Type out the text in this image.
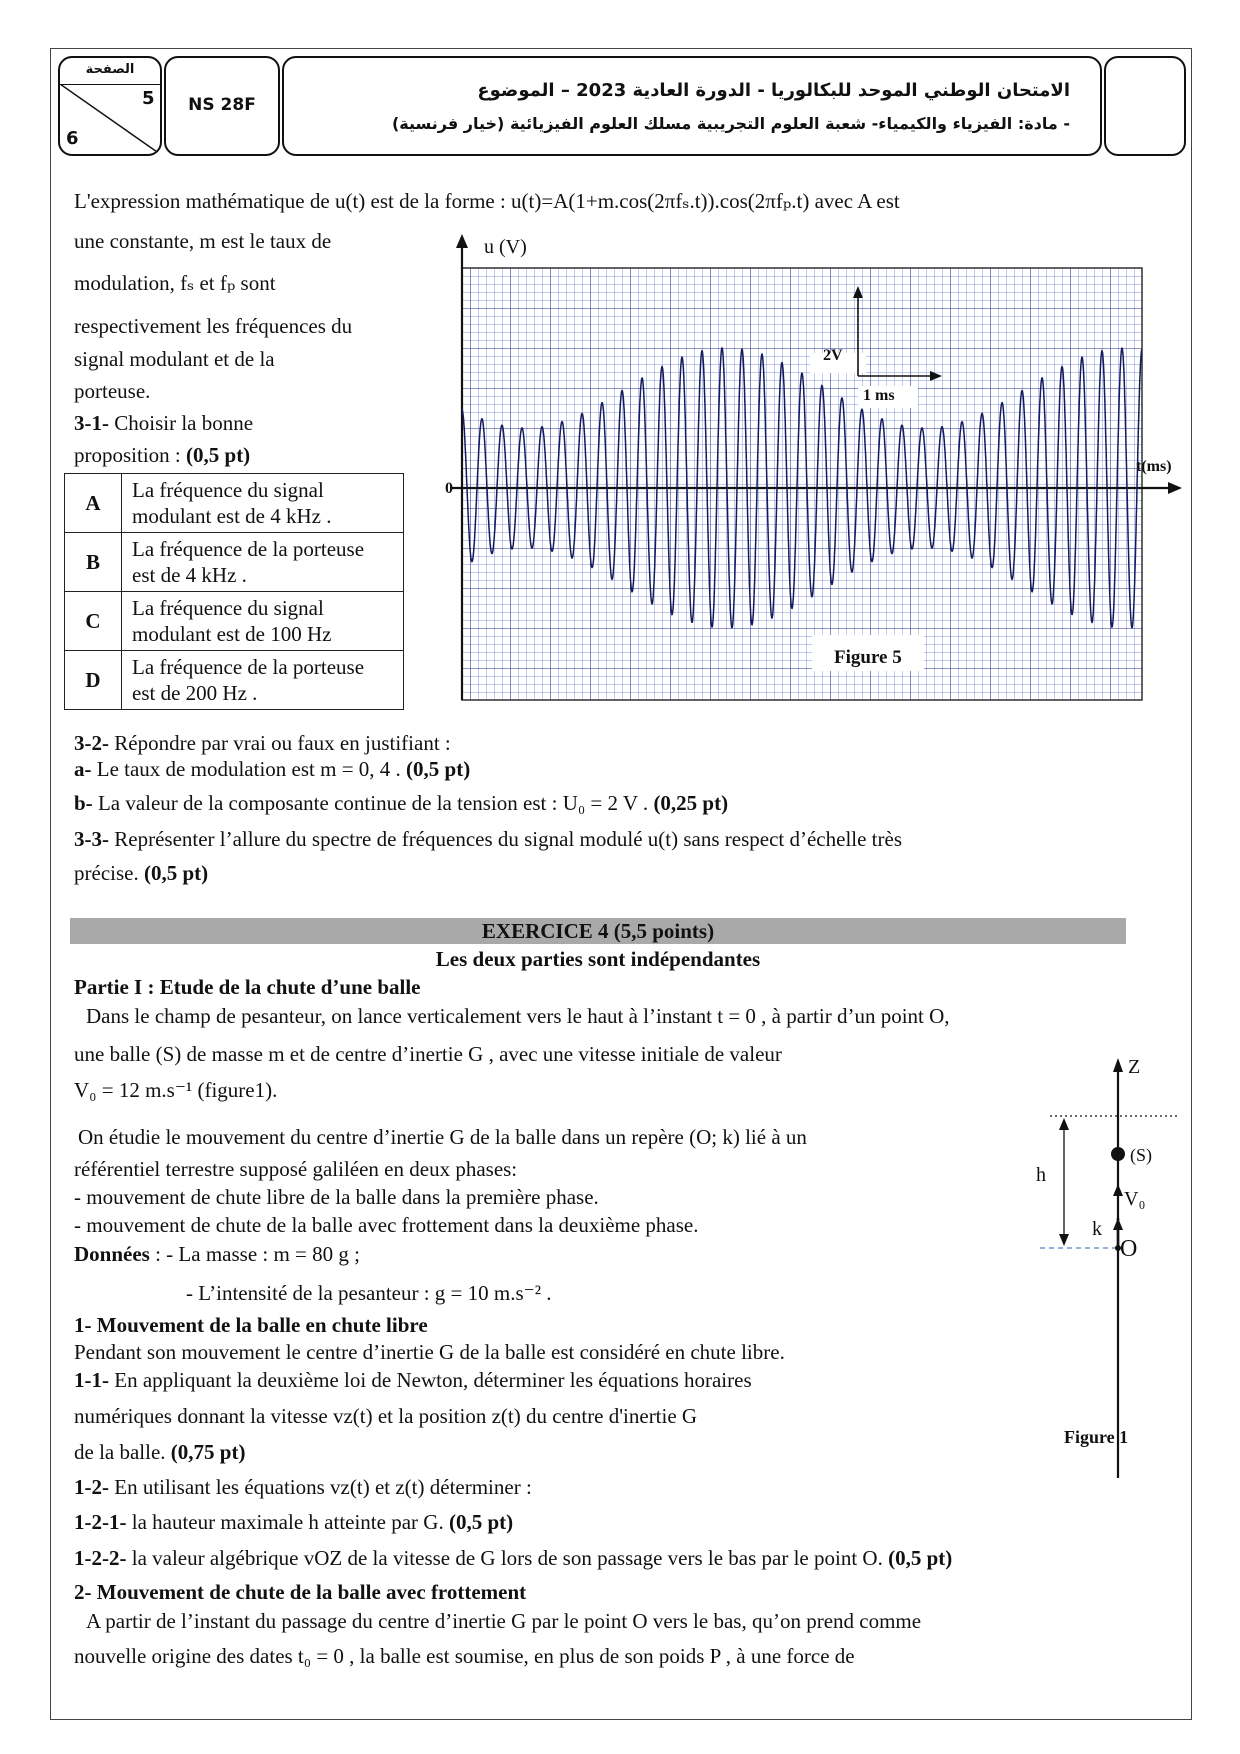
الصفحة
5
6
NS 28F
الامتحان الوطني الموحد للبكالوريا - الدورة العادية 2023 – الموضوع
- مادة: الفيزياء والكيمياء- شعبة العلوم التجريبية مسلك العلوم الفيزيائية (خيار فرنسية)
L'expression mathématique de u(t) est de la forme : u(t)=A(1+m.cos(2πfₛ.t)).cos(2πfₚ.t) avec A est
une constante, m est le taux de
modulation, fₛ et fₚ sont
respectivement les fréquences du
signal modulant et de la
porteuse.
3-1- Choisir la bonne
proposition : (0,5 pt)
A	La fréquence du signal
modulant est de 4 kHz .
B	La fréquence de la porteuse
est de 4 kHz .
C	La fréquence du signal
modulant est de 100 Hz
D	La fréquence de la porteuse
est de 200 Hz .
u (V)
t(ms)
0
2V
1 ms
Figure 5
3-2- Répondre par vrai ou faux en justifiant :
a- Le taux de modulation est m = 0, 4 . (0,5 pt)
b- La valeur de la composante continue de la tension est : U₀ = 2 V . (0,25 pt)
3-3- Représenter l’allure du spectre de fréquences du signal modulé u(t) sans respect d’échelle très
précise. (0,5 pt)
EXERCICE 4 (5,5 points)
Les deux parties sont indépendantes
Partie I : Etude de la chute d’une balle
Dans le champ de pesanteur, on lance verticalement vers le haut à l’instant t = 0 , à partir d’un point O,
une balle (S) de masse m et de centre d’inertie G , avec une vitesse initiale de valeur
V₀ = 12 m.s⁻¹ (figure1).
On étudie le mouvement du centre d’inertie G de la balle dans un repère (O; k) lié à un
référentiel terrestre supposé galiléen en deux phases:
- mouvement de chute libre de la balle dans la première phase.
- mouvement de chute de la balle avec frottement dans la deuxième phase.
Données : - La masse : m = 80 g ;
- L’intensité de la pesanteur : g = 10 m.s⁻² .
1- Mouvement de la balle en chute libre
Pendant son mouvement le centre d’inertie G de la balle est considéré en chute libre.
1-1- En appliquant la deuxième loi de Newton, déterminer les équations horaires
numériques donnant la vitesse vz(t) et la position z(t) du centre d'inertie G
de la balle. (0,75 pt)
1-2- En utilisant les équations vz(t) et z(t) déterminer :
1-2-1- la hauteur maximale h atteinte par G. (0,5 pt)
1-2-2- la valeur algébrique vOZ de la vitesse de G lors de son passage vers le bas par le point O. (0,5 pt)
2- Mouvement de chute de la balle avec frottement
A partir de l’instant du passage du centre d’inertie G par le point O vers le bas, qu’on prend comme
nouvelle origine des dates t₀ = 0 , la balle est soumise, en plus de son poids P , à une force de
Z
(S)
h
V₀
k
O
Figure 1
